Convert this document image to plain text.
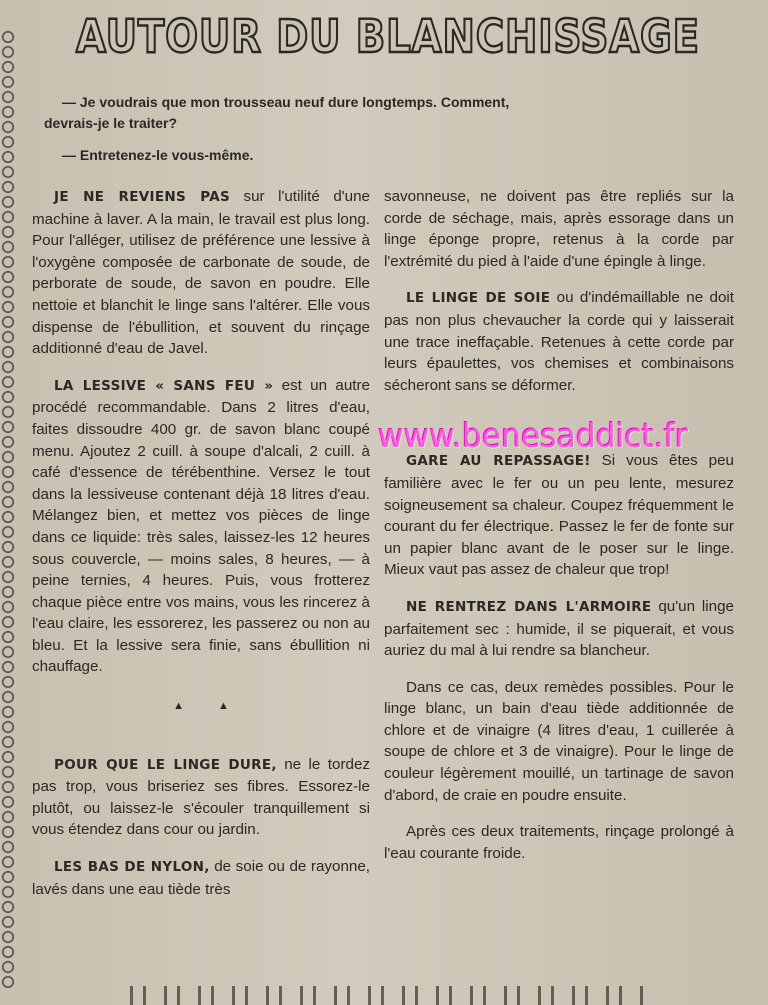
AUTOUR DU BLANCHISSAGE

— Je voudrais que mon trousseau neuf dure longtemps. Comment,

devrais-je le traiter?

— Entretenez-le vous-même.

JE NE REVIENS PAS sur l'utilité d'une machine à laver. A la main, le travail est plus long. Pour l'alléger, utilisez de préférence une lessive à l'oxygène composée de carbonate de soude, de perborate de soude, de savon en poudre. Elle nettoie et blanchit le linge sans l'altérer. Elle vous dispense de l'ébullition, et souvent du rinçage additionné d'eau de Javel.

LA LESSIVE « SANS FEU » est un autre procédé recommandable. Dans 2 litres d'eau, faites dissoudre 400 gr. de savon blanc coupé menu. Ajoutez 2 cuill. à soupe d'alcali, 2 cuill. à café d'essence de térébenthine. Versez le tout dans la lessiveuse contenant déjà 18 litres d'eau. Mélangez bien, et mettez vos pièces de linge dans ce liquide: très sales, laissez-les 12 heures sous couvercle, — moins sales, 8 heures, — à peine ternies, 4 heures. Puis, vous frotterez chaque pièce entre vos mains, vous les rincerez à l'eau claire, les essorerez, les passerez ou non au bleu. Et la lessive sera finie, sans ébullition ni chauffage.

▲▲

POUR QUE LE LINGE DURE, ne le tordez pas trop, vous briseriez ses fibres. Essorez-le plutôt, ou laissez-le s'écouler tranquillement si vous étendez dans cour ou jardin.

LES BAS DE NYLON, de soie ou de rayonne, lavés dans une eau tiède très

savonneuse, ne doivent pas être repliés sur la corde de séchage, mais, après essorage dans un linge éponge propre, retenus à la corde par l'extrémité du pied à l'aide d'une épingle à linge.

LE LINGE DE SOIE ou d'indémaillable ne doit pas non plus chevaucher la corde qui y laisserait une trace ineffaçable. Retenues à cette corde par leurs épaulettes, vos chemises et combinaisons sécheront sans se déformer.

GARE AU REPASSAGE! Si vous êtes peu familière avec le fer ou un peu lente, mesurez soigneusement sa chaleur. Coupez fréquemment le courant du fer électrique. Passez le fer de fonte sur un papier blanc avant de le poser sur le linge. Mieux vaut pas assez de chaleur que trop!

NE RENTREZ DANS L'ARMOIRE qu'un linge parfaitement sec : humide, il se piquerait, et vous auriez du mal à lui rendre sa blancheur.

Dans ce cas, deux remèdes possibles. Pour le linge blanc, un bain d'eau tiède additionnée de chlore et de vinaigre (4 litres d'eau, 1 cuillerée à soupe de chlore et 3 de vinaigre). Pour le linge de couleur légèrement mouillé, un tartinage de savon d'abord, de craie en poudre ensuite.

Après ces deux traitements, rinçage prolongé à l'eau courante froide.

www.benesaddict.fr
